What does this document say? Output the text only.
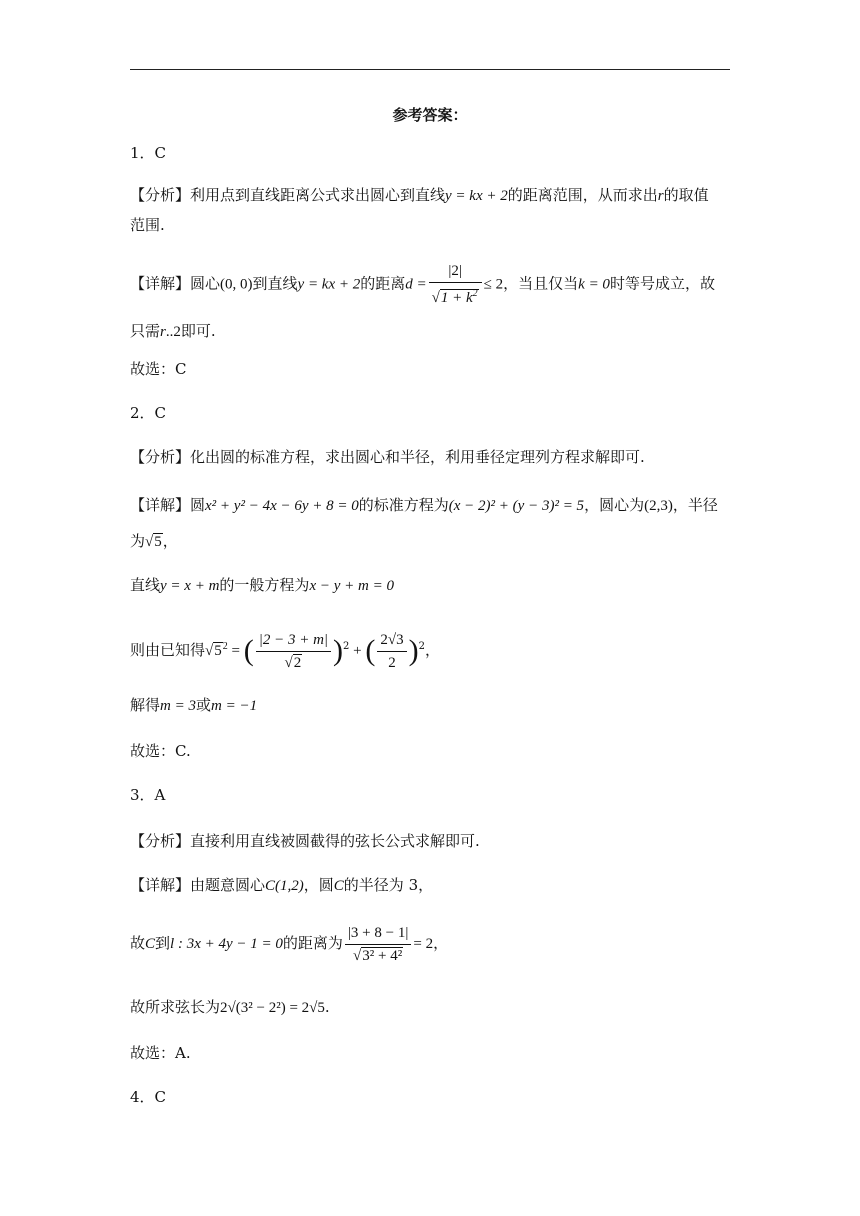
参考答案：
1．C
【分析】利用点到直线距离公式求出圆心到直线y = kx + 2的距离范围，从而求出r的取值
范围.
【详解】圆心(0, 0)到直线y = kx + 2的距离$d = \frac{|2|}{√1 + k^2} \le 2$，当且仅当k = 0时等号成立，故
只需r..2即可.
故选：C
2．C
【分析】化出圆的标准方程，求出圆心和半径，利用垂径定理列方程求解即可.
【详解】圆x² + y² − 4x − 6y + 8 = 0的标准方程为(x − 2)² + (y − 3)² = 5，圆心为(2,3)，半径
为√5，
直线y = x + m的一般方程为x − y + m = 0
则由已知得$√5^2$ = ( $\frac{|2 - 3 + m|}{√2} )^2$ + ( $\frac{2√3}{2} )^2$，
解得m = 3或m = −1
故选：C.
3．A
【分析】直接利用直线被圆截得的弦长公式求解即可.
【详解】由题意圆心C(1,2)，圆C的半径为 3，
故C到l : 3x + 4y − 1 = 0的距离为 $\frac{|3 + 8 - 1|}{\text{√3² + 4²}} = 2$，
故所求弦长为2√(3² − 2²) = 2√5.
故选：A.
4．C
